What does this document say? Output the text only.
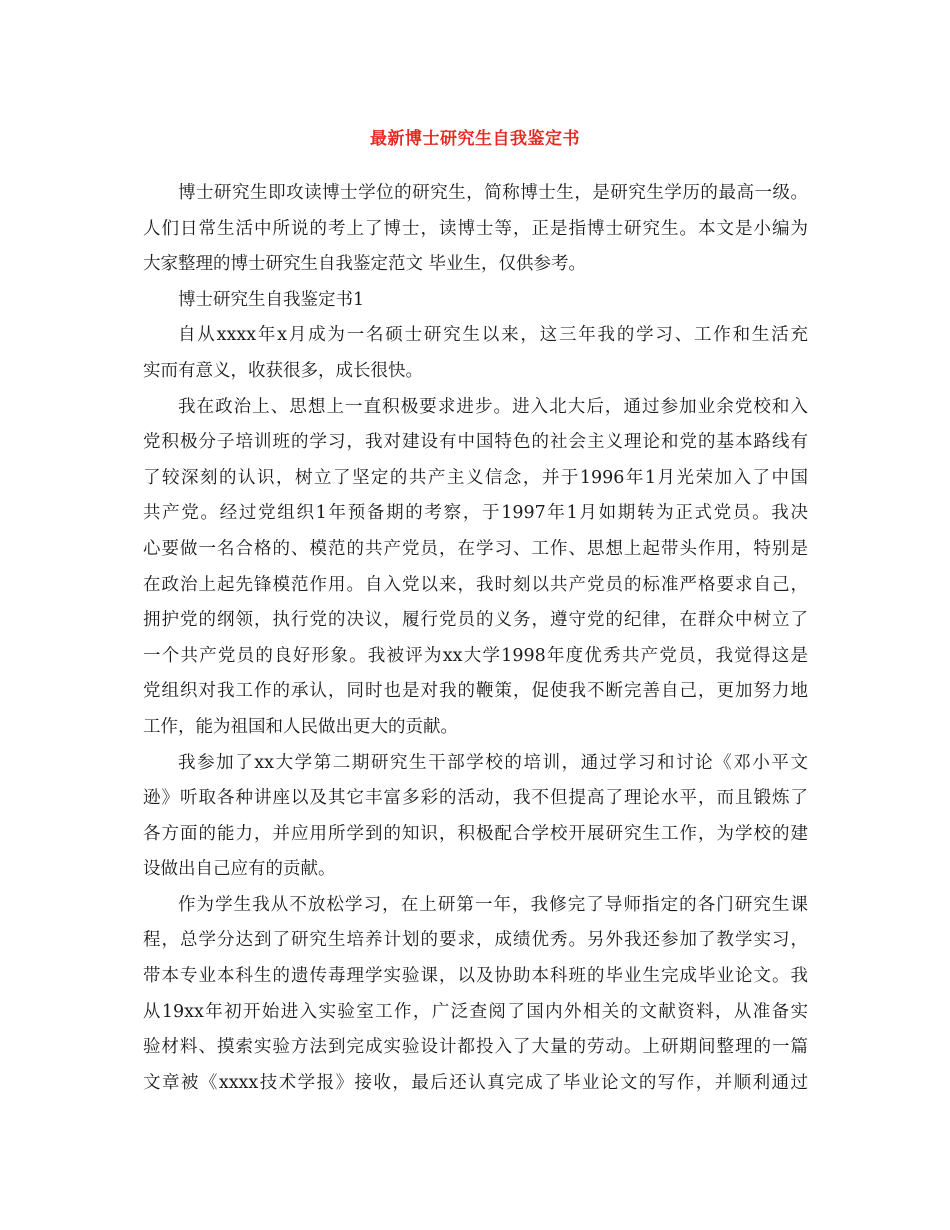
最新博士研究生自我鉴定书
博士研究生即攻读博士学位的研究生，简称博士生，是研究生学历的最高一级。
人们日常生活中所说的考上了博士，读博士等，正是指博士研究生。本文是小编为
大家整理的博士研究生自我鉴定范文 毕业生，仅供参考。
博士研究生自我鉴定书1
自从xxxx年x月成为一名硕士研究生以来，这三年我的学习、工作和生活充
实而有意义，收获很多，成长很快。
我在政治上、思想上一直积极要求进步。进入北大后，通过参加业余党校和入
党积极分子培训班的学习，我对建设有中国特色的社会主义理论和党的基本路线有
了较深刻的认识，树立了坚定的共产主义信念，并于1996年1月光荣加入了中国
共产党。经过党组织1年预备期的考察，于1997年1月如期转为正式党员。我决
心要做一名合格的、模范的共产党员，在学习、工作、思想上起带头作用，特别是
在政治上起先锋模范作用。自入党以来，我时刻以共产党员的标准严格要求自己，
拥护党的纲领，执行党的决议，履行党员的义务，遵守党的纪律，在群众中树立了
一个共产党员的良好形象。我被评为xx大学1998年度优秀共产党员，我觉得这是
党组织对我工作的承认，同时也是对我的鞭策，促使我不断完善自己，更加努力地
工作，能为祖国和人民做出更大的贡献。
我参加了xx大学第二期研究生干部学校的培训，通过学习和讨论《邓小平文
逊》听取各种讲座以及其它丰富多彩的活动，我不但提高了理论水平，而且锻炼了
各方面的能力，并应用所学到的知识，积极配合学校开展研究生工作，为学校的建
设做出自己应有的贡献。
作为学生我从不放松学习，在上研第一年，我修完了导师指定的各门研究生课
程，总学分达到了研究生培养计划的要求，成绩优秀。另外我还参加了教学实习，
带本专业本科生的遗传毒理学实验课，以及协助本科班的毕业生完成毕业论文。我
从19xx年初开始进入实验室工作，广泛查阅了国内外相关的文献资料，从准备实
验材料、摸索实验方法到完成实验设计都投入了大量的劳动。上研期间整理的一篇
文章被《xxxx技术学报》接收，最后还认真完成了毕业论文的写作，并顺利通过
